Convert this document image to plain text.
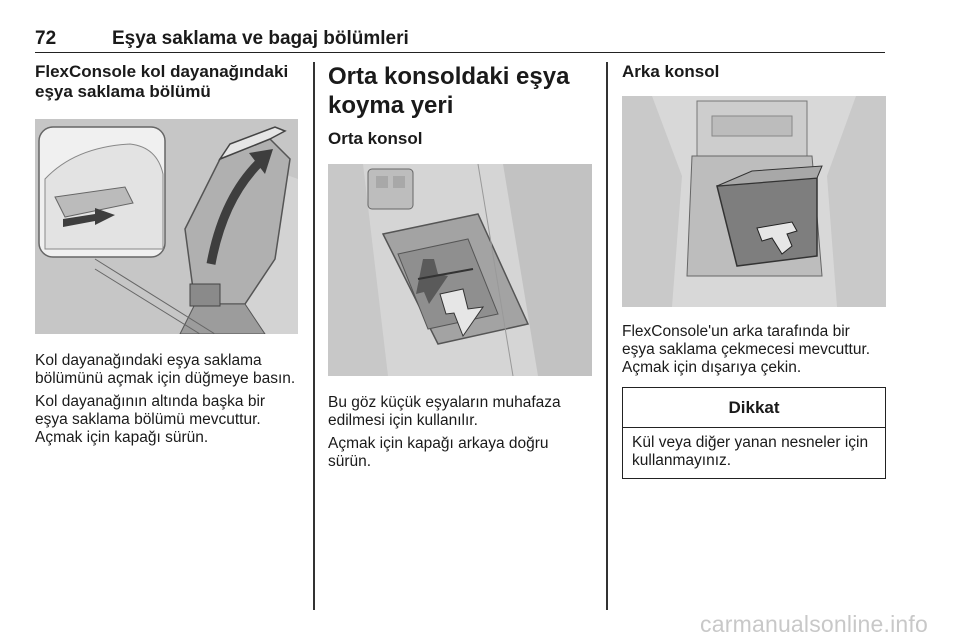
72	Eşya saklama ve bagaj bölümleri
FlexConsole kol dayanağındaki eşya saklama bölümü

Kol dayanağındaki eşya saklama bölümünü açmak için düğmeye basın.

Kol dayanağının altında başka bir eşya saklama bölümü mevcuttur. Açmak için kapağı sürün.

Orta konsoldaki eşya koyma yeri
Orta konsol

Bu göz küçük eşyaların muhafaza edilmesi için kullanılır.

Açmak için kapağı arkaya doğru sürün.

Arka konsol

FlexConsole'un arka tarafında bir eşya saklama çekmecesi mevcuttur. Açmak için dışarıya çekin.

Dikkat
Kül veya diğer yanan nesneler için kullanmayınız.
carmanualsonline.info
